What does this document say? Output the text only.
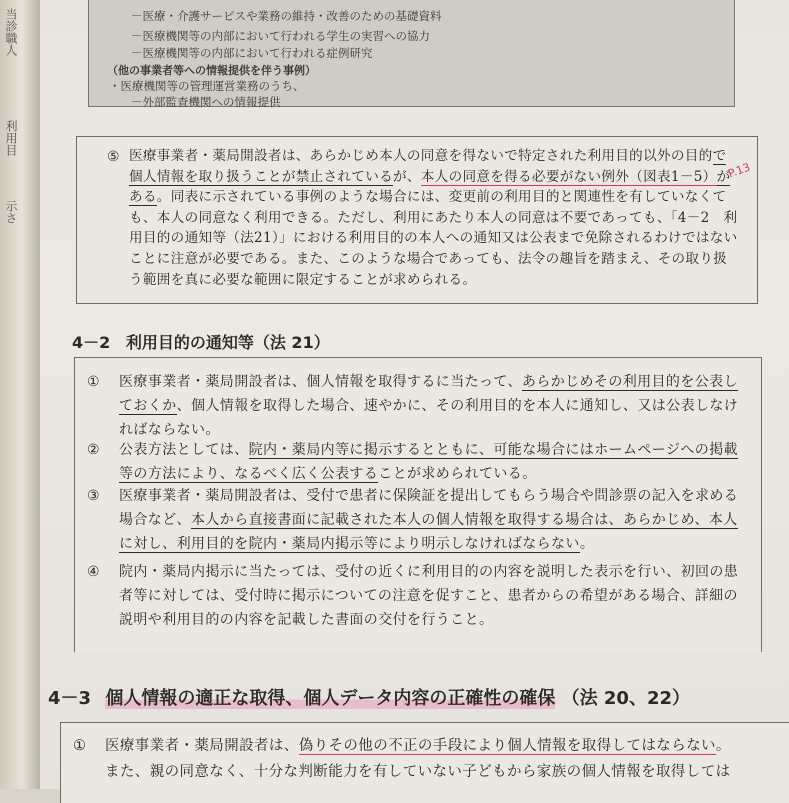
当診職人
利用目
示さ
－医療・介護サービスや業務の維持・改善のための基礎資料
－医療機関等の内部において行われる学生の実習への協力
－医療機関等の内部において行われる症例研究
（他の事業者等への情報提供を伴う事例）
・医療機関等の管理運営業務のうち、
－外部監査機関への情報提供
⑤ 医療事業者・薬局開設者は、あらかじめ本人の同意を得ないで特定された利用目的以外の目的で個人情報を取り扱うことが禁止されているが、本人の同意を得る必要がない例外（図表1－5）がある。同表に示されている事例のような場合には、変更前の利用目的と関連性を有していなくても、本人の同意なく利用できる。ただし、利用にあたり本人の同意は不要であっても、「4－2　利用目的の通知等（法21）」における利用目的の本人への通知又は公表まで免除されるわけではないことに注意が必要である。また、このような場合であっても、法令の趣旨を踏まえ、その取り扱う範囲を真に必要な範囲に限定することが求められる。
P.13
4－2 利用目的の通知等（法 21）
① 医療事業者・薬局開設者は、個人情報を取得するに当たって、あらかじめその利用目的を公表しておくか、個人情報を取得した場合、速やかに、その利用目的を本人に通知し、又は公表しなければならない。
② 公表方法としては、院内・薬局内等に掲示するとともに、可能な場合にはホームページへの掲載等の方法により、なるべく広く公表することが求められている。
③ 医療事業者・薬局開設者は、受付で患者に保険証を提出してもらう場合や問診票の記入を求める場合など、本人から直接書面に記載された本人の個人情報を取得する場合は、あらかじめ、本人に対し、利用目的を院内・薬局内掲示等により明示しなければならない。
④ 院内・薬局内掲示に当たっては、受付の近くに利用目的の内容を説明した表示を行い、初回の患者等に対しては、受付時に掲示についての注意を促すこと、患者からの希望がある場合、詳細の説明や利用目的の内容を記載した書面の交付を行うこと。
4－3 個人情報の適正な取得、個人データ内容の正確性の確保 （法 20、22）
① 医療事業者・薬局開設者は、偽りその他の不正の手段により個人情報を取得してはならない。
また、親の同意なく、十分な判断能力を有していない子どもから家族の個人情報を取得しては
